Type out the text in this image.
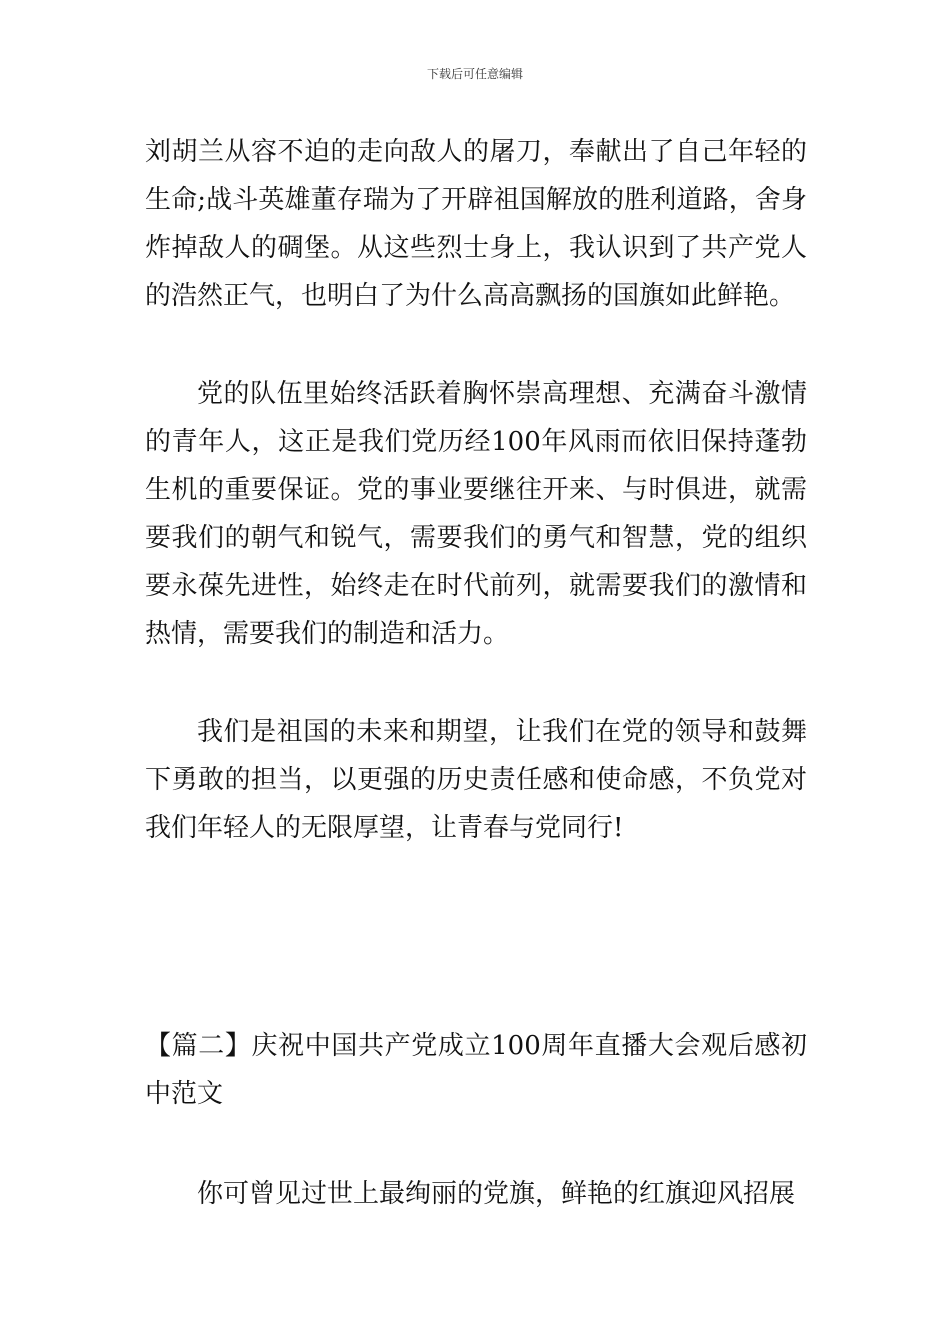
下载后可任意编辑

刘胡兰从容不迫的走向敌人的屠刀，奉献出了自己年轻的生命;战斗英雄董存瑞为了开辟祖国解放的胜利道路，舍身炸掉敌人的碉堡。从这些烈士身上，我认识到了共产党人的浩然正气，也明白了为什么高高飘扬的国旗如此鲜艳。

党的队伍里始终活跃着胸怀崇高理想、充满奋斗激情的青年人，这正是我们党历经100年风雨而依旧保持蓬勃生机的重要保证。党的事业要继往开来、与时俱进，就需要我们的朝气和锐气，需要我们的勇气和智慧，党的组织要永葆先进性，始终走在时代前列，就需要我们的激情和热情，需要我们的制造和活力。

我们是祖国的未来和期望，让我们在党的领导和鼓舞下勇敢的担当，以更强的历史责任感和使命感，不负党对我们年轻人的无限厚望，让青春与党同行!

【篇二】庆祝中国共产党成立100周年直播大会观后感初中范文

你可曾见过世上最绚丽的党旗，鲜艳的红旗迎风招展
